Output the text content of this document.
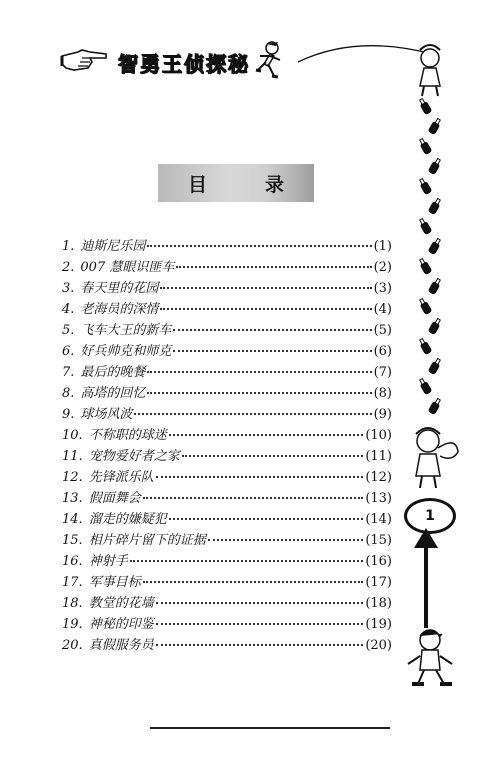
智勇王侦探秘
目	录
1. 迪斯尼乐园	(1)
2. 007 慧眼识匪车	(2)
3. 春天里的花园	(3)
4. 老海员的深情	(4)
5. 飞车大王的新车	(5)
6. 好兵帅克和师克	(6)
7. 最后的晚餐	(7)
8. 高塔的回忆	(8)
9. 球场风波	(9)
10. 不称职的球迷	(10)
11. 宠物爱好者之家	(11)
12. 先锋派乐队	(12)
13. 假面舞会	(13)
14. 溜走的嫌疑犯	(14)
15. 相片碎片留下的证据	(15)
16. 神射手	(16)
17. 军事目标	(17)
18. 教堂的花墙	(18)
19. 神秘的印鉴	(19)
20. 真假服务员	(20)
1
